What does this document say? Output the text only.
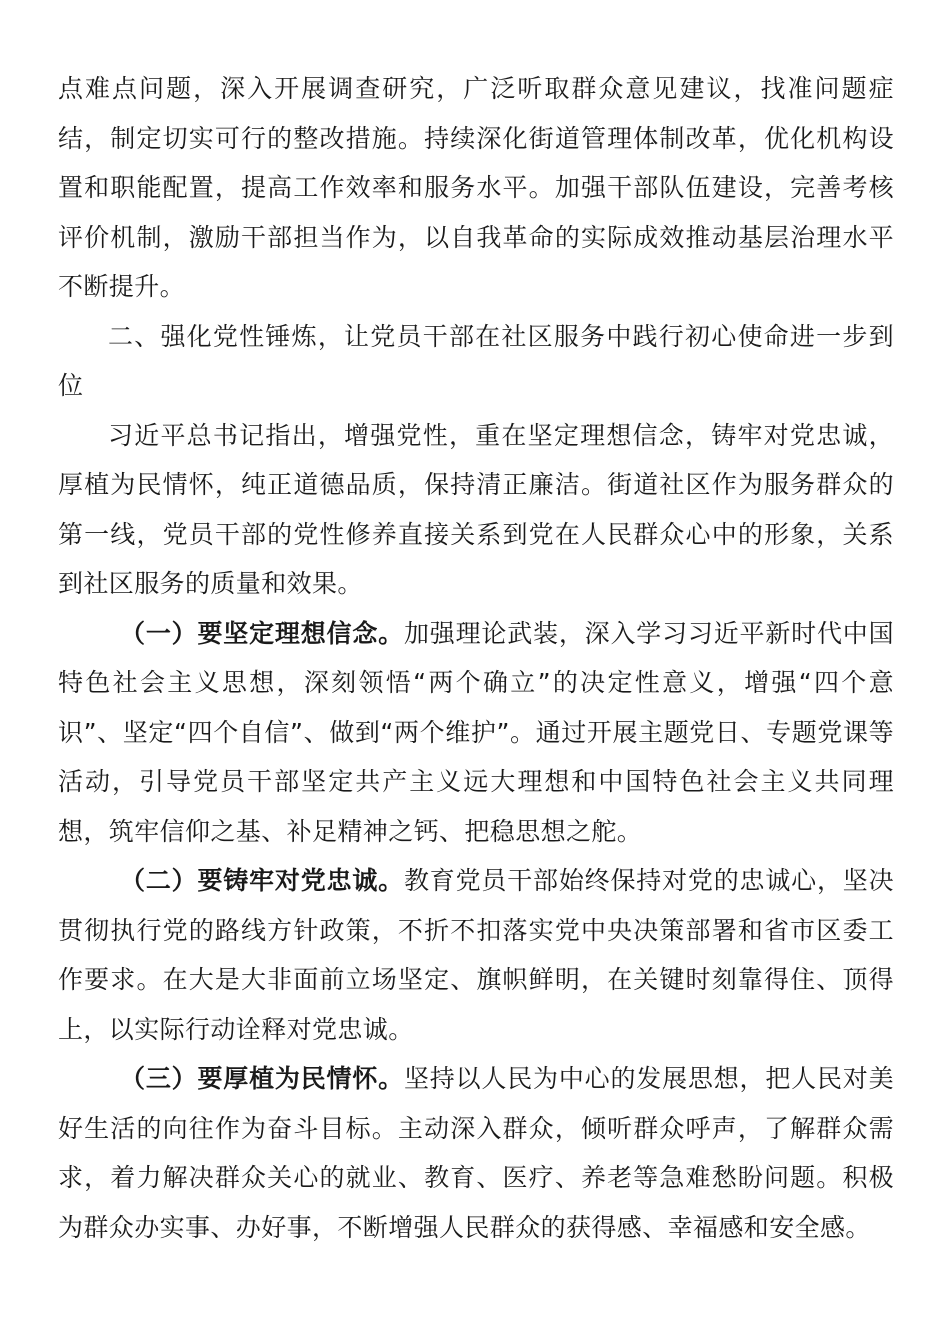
点难点问题，深入开展调查研究，广泛听取群众意见建议，找准问题症结，制定切实可行的整改措施。持续深化街道管理体制改革，优化机构设置和职能配置，提高工作效率和服务水平。加强干部队伍建设，完善考核评价机制，激励干部担当作为，以自我革命的实际成效推动基层治理水平不断提升。

二、强化党性锤炼，让党员干部在社区服务中践行初心使命进一步到位

习近平总书记指出，增强党性，重在坚定理想信念，铸牢对党忠诚，厚植为民情怀，纯正道德品质，保持清正廉洁。街道社区作为服务群众的第一线，党员干部的党性修养直接关系到党在人民群众心中的形象，关系到社区服务的质量和效果。

（一）要坚定理想信念。加强理论武装，深入学习习近平新时代中国特色社会主义思想，深刻领悟“两个确立”的决定性意义，增强“四个意识”、坚定“四个自信”、做到“两个维护”。通过开展主题党日、专题党课等活动，引导党员干部坚定共产主义远大理想和中国特色社会主义共同理想，筑牢信仰之基、补足精神之钙、把稳思想之舵。

（二）要铸牢对党忠诚。教育党员干部始终保持对党的忠诚心，坚决贯彻执行党的路线方针政策，不折不扣落实党中央决策部署和省市区委工作要求。在大是大非面前立场坚定、旗帜鲜明，在关键时刻靠得住、顶得上，以实际行动诠释对党忠诚。

（三）要厚植为民情怀。坚持以人民为中心的发展思想，把人民对美好生活的向往作为奋斗目标。主动深入群众，倾听群众呼声，了解群众需求，着力解决群众关心的就业、教育、医疗、养老等急难愁盼问题。积极为群众办实事、办好事，不断增强人民群众的获得感、幸福感和安全感。
